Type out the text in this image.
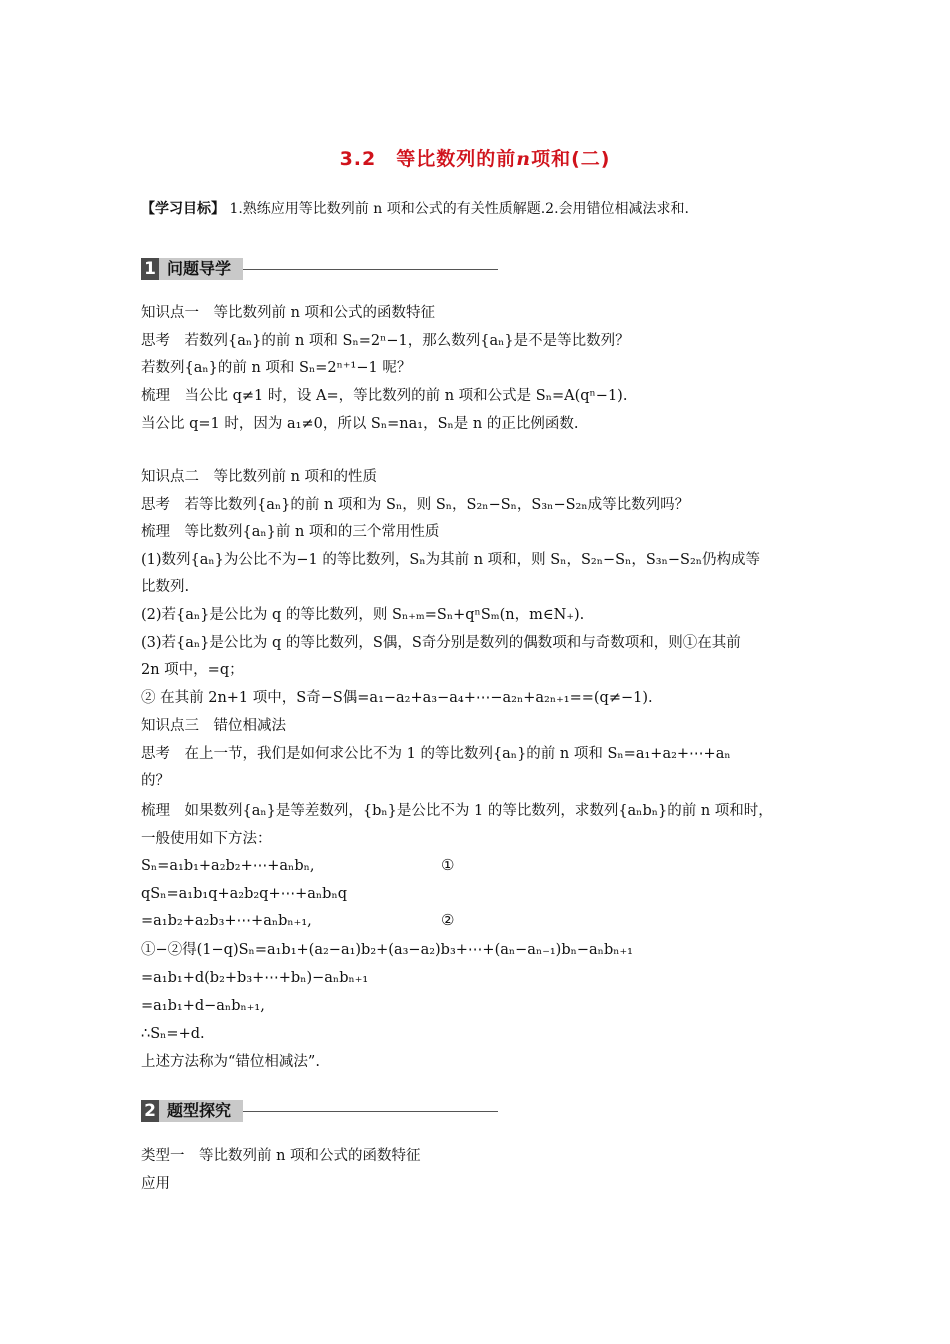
3.2　等比数列的前n项和(二)
【学习目标】 1.熟练应用等比数列前 n 项和公式的有关性质解题.2.会用错位相减法求和.
1 问题导学
知识点一　等比数列前 n 项和公式的函数特征
思考　若数列{aₙ}的前 n 项和 Sₙ=2ⁿ−1，那么数列{aₙ}是不是等比数列？
若数列{aₙ}的前 n 项和 Sₙ=2ⁿ⁺¹−1 呢？
梳理　当公比 q≠1 时，设 A=，等比数列的前 n 项和公式是 Sₙ=A(qⁿ−1).
当公比 q=1 时，因为 a₁≠0，所以 Sₙ=na₁，Sₙ是 n 的正比例函数.
知识点二　等比数列前 n 项和的性质
思考　若等比数列{aₙ}的前 n 项和为 Sₙ，则 Sₙ，S₂ₙ−Sₙ，S₃ₙ−S₂ₙ成等比数列吗？
梳理　等比数列{aₙ}前 n 项和的三个常用性质
(1)数列{aₙ}为公比不为−1 的等比数列，Sₙ为其前 n 项和，则 Sₙ，S₂ₙ−Sₙ，S₃ₙ−S₂ₙ仍构成等
比数列.
(2)若{aₙ}是公比为 q 的等比数列，则 Sₙ₊ₘ=Sₙ+qⁿSₘ(n，m∈N₊).
(3)若{aₙ}是公比为 q 的等比数列，S偶，S奇分别是数列的偶数项和与奇数项和，则①在其前
2n 项中，=q；
② 在其前 2n+1 项中，S奇−S偶=a₁−a₂+a₃−a₄+⋯−a₂ₙ+a₂ₙ₊₁==(q≠−1).
知识点三　错位相减法
思考　在上一节，我们是如何求公比不为 1 的等比数列{aₙ}的前 n 项和 Sₙ=a₁+a₂+⋯+aₙ
的？
梳理　如果数列{aₙ}是等差数列，{bₙ}是公比不为 1 的等比数列，求数列{aₙbₙ}的前 n 项和时，
一般使用如下方法：
Sₙ=a₁b₁+a₂b₂+⋯+aₙbₙ,	①
qSₙ=a₁b₁q+a₂b₂q+⋯+aₙbₙq
=a₁b₂+a₂b₃+⋯+aₙbₙ₊₁,	②
①−②得(1−q)Sₙ=a₁b₁+(a₂−a₁)b₂+(a₃−a₂)b₃+⋯+(aₙ−aₙ₋₁)bₙ−aₙbₙ₊₁
=a₁b₁+d(b₂+b₃+⋯+bₙ)−aₙbₙ₊₁
=a₁b₁+d−aₙbₙ₊₁,
∴Sₙ=+d.
上述方法称为“错位相减法”.
2 题型探究
类型一　等比数列前 n 项和公式的函数特征
应用
